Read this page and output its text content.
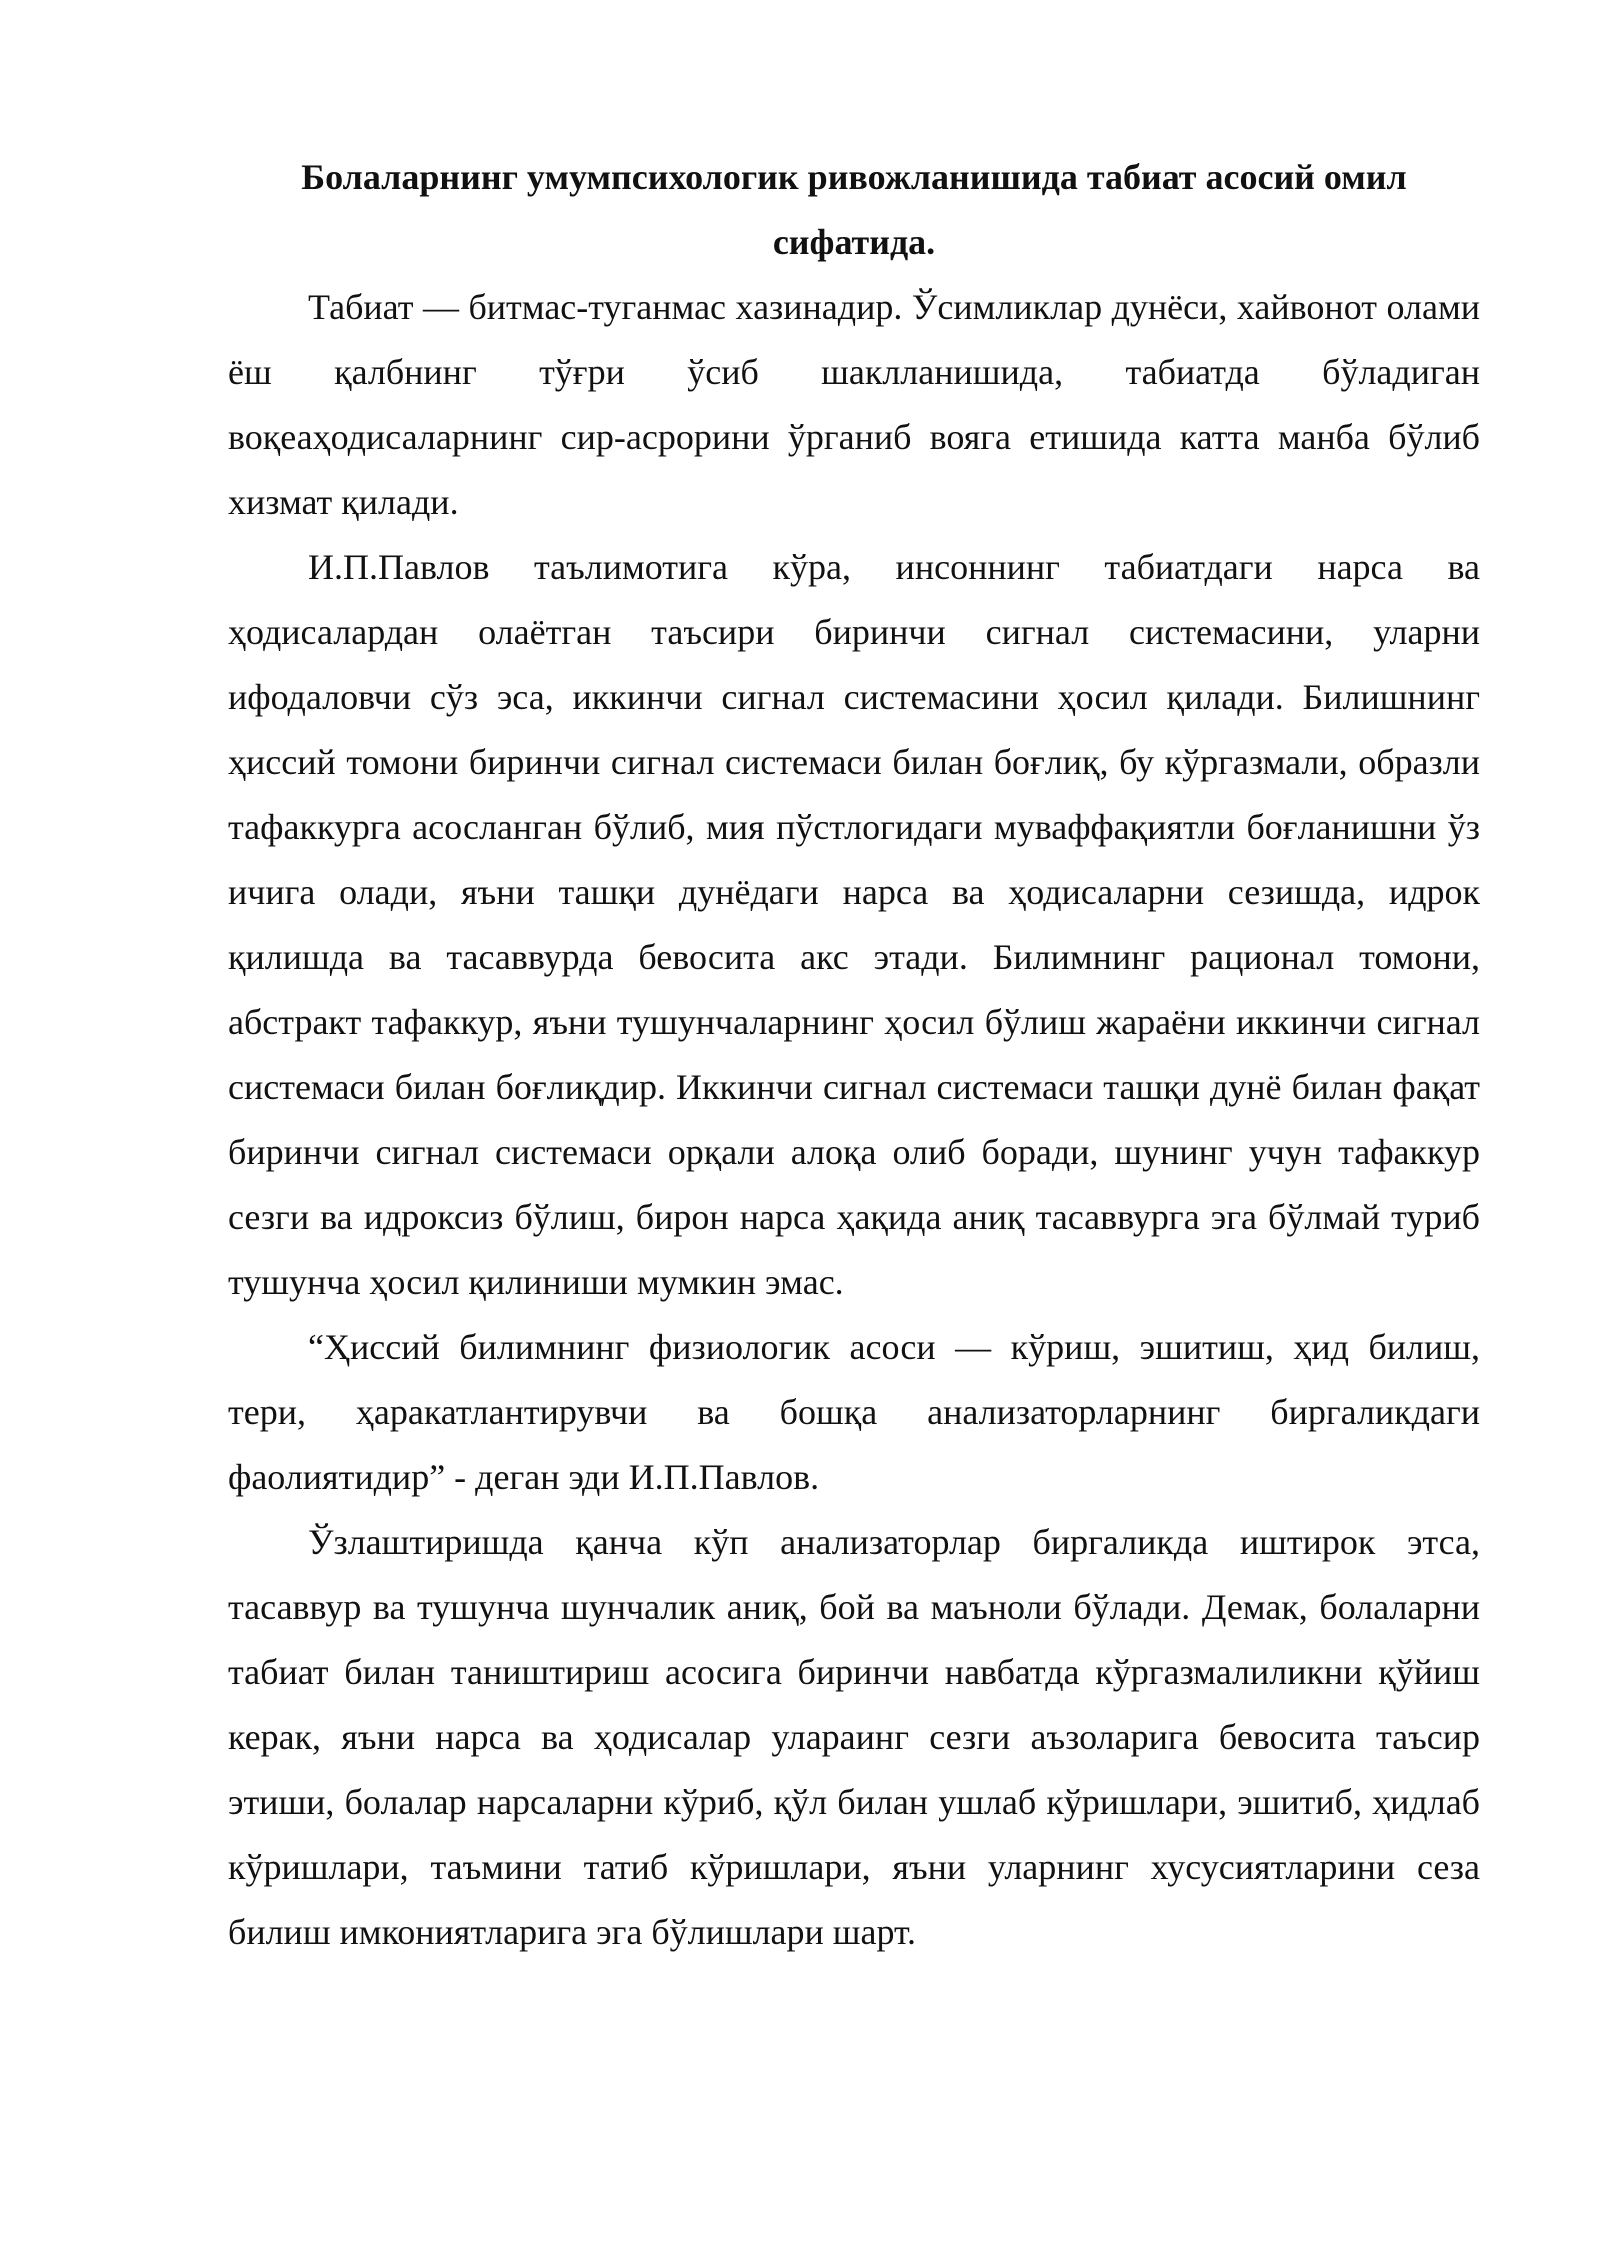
Болаларнинг умумпсихологик ривожланишида табиат асосий омил сифатида.

Табиат — битмас-туганмас хазинадир. Ўсимликлар дунёси, хайвонот олами ёш қалбнинг тўғри ўсиб шаклланишида, табиатда бўладиган воқеаҳодисаларнинг сир-асрорини ўрганиб вояга етишида катта манба бўлиб хизмат қилади.

И.П.Павлов таълимотига кўра, инсоннинг табиатдаги нарса ва ҳодисалардан олаётган таъсири биринчи сигнал системасини, уларни ифодаловчи сўз эса, иккинчи сигнал системасини ҳосил қилади. Билишнинг ҳиссий томони биринчи сигнал системаси билан боғлиқ, бу кўргазмали, образли тафаккурга асосланган бўлиб, мия пўстлогидаги муваффақиятли боғланишни ўз ичига олади, яъни ташқи дунёдаги нарса ва ҳодисаларни сезишда, идрок қилишда ва тасаввурда бевосита акс этади. Билимнинг рационал томони, абстракт тафаккур, яъни тушунчаларнинг ҳосил бўлиш жараёни иккинчи сигнал системаси билан боғлиқдир. Иккинчи сигнал системаси ташқи дунё билан фақат биринчи сигнал системаси орқали алоқа олиб боради, шунинг учун тафаккур сезги ва идроксиз бўлиш, бирон нарса ҳақида аниқ тасаввурга эга бўлмай туриб тушунча ҳосил қилиниши мумкин эмас.

“Ҳиссий билимнинг физиологик асоси — кўриш, эшитиш, ҳид билиш, тери, ҳаракатлантирувчи ва бошқа анализаторларнинг биргаликдаги фаолиятидир” - деган эди И.П.Павлов.

Ўзлаштиришда қанча кўп анализаторлар биргаликда иштирок этса, тасаввур ва тушунча шунчалик аниқ, бой ва маъноли бўлади. Демак, болаларни табиат билан таништириш асосига биринчи навбатда кўргазмалиликни қўйиш керак, яъни нарса ва ҳодисалар улараинг сезги аъзоларига бевосита таъсир этиши, болалар нарсаларни кўриб, қўл билан ушлаб кўришлари, эшитиб, ҳидлаб кўришлари, таъмини татиб кўришлари, яъни уларнинг хусусиятларини сеза билиш имкониятларига эга бўлишлари шарт.
